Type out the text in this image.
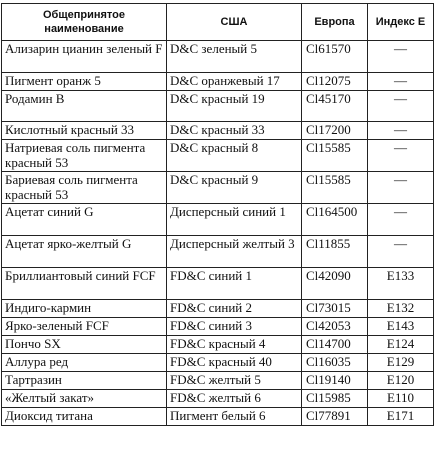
Общепринятое наименование	США	Европа	Индекс Е
Ализарин цианин зеленый F	D&C зеленый 5	Cl61570	—
Пигмент оранж 5	D&C оранжевый 17	Cl12075	—
Родамин В	D&C красный 19	Cl45170	—
Кислотный красный 33	D&C красный 33	Cl17200	—
Натриевая соль пигмента красный 53	D&C красный 8	Cl15585	—
Бариевая соль пигмента красный 53	D&C красный 9	Cl15585	—
Ацетат синий G	Дисперсный синий 1	Cl164500	—
Ацетат ярко-желтый G	Дисперсный желтый 3	Cl11855	—
Бриллиантовый синий FCF	FD&C синий 1	Cl42090	E133
Индиго-кармин	FD&C синий 2	Cl73015	E132
Ярко-зеленый FCF	FD&C синий 3	Cl42053	E143
Пончо SX	FD&C красный 4	Cl14700	E124
Аллура ред	FD&C красный 40	Cl16035	E129
Тартразин	FD&C желтый 5	Cl19140	E120
«Желтый закат»	FD&C желтый 6	Cl15985	E110
Диоксид титана	Пигмент белый 6	Cl77891	E171
